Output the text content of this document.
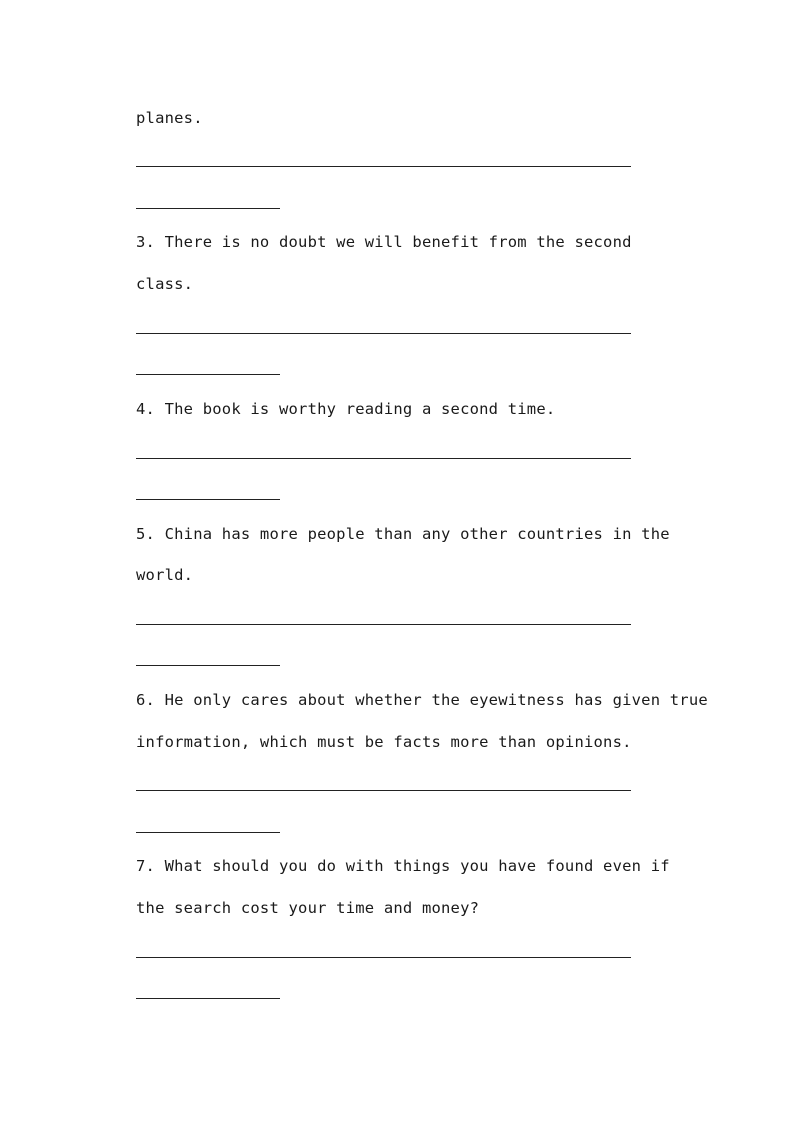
planes.
3. There is no doubt we will benefit from the second
class.
4. The book is worthy reading a second time.
5. China has more people than any other countries in the
world.
6. He only cares about whether the eyewitness has given true
information, which must be facts more than opinions.
7. What should you do with things you have found even if
the search cost your time and money?
